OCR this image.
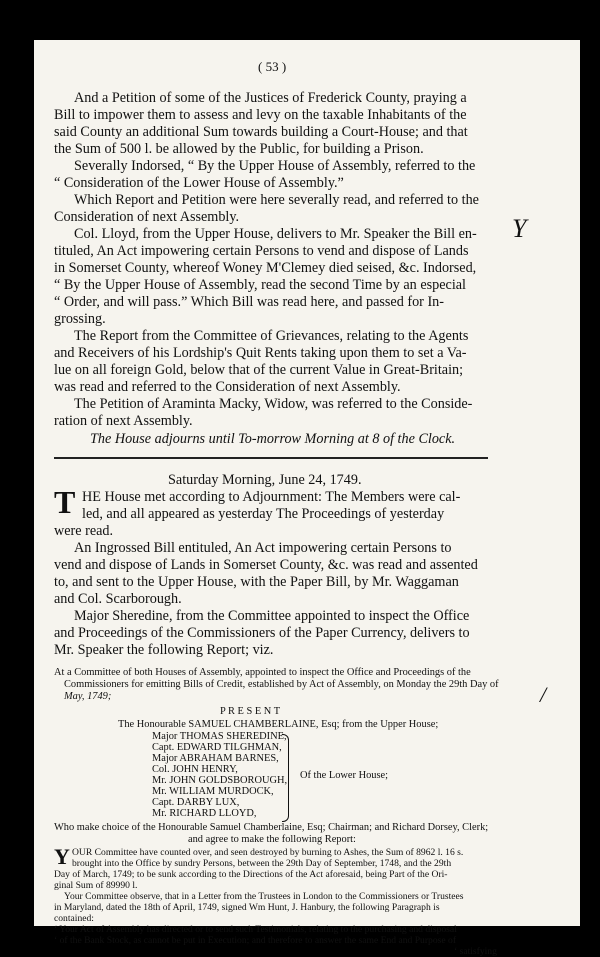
( 53 )
And a Petition of some of the Justices of Frederick County, praying a
Bill to impower them to assess and levy on the taxable Inhabitants of the
said County an additional Sum towards building a Court-House; and that
the Sum of 500 l. be allowed by the Public, for building a Prison.
Severally Indorsed, “ By the Upper House of Assembly, referred to the
“ Consideration of the Lower House of Assembly.”
Which Report and Petition were here severally read, and referred to the
Consideration of next Assembly.
Col. Lloyd, from the Upper House, delivers to Mr. Speaker the Bill en-
tituled, An Act impowering certain Persons to vend and dispose of Lands
in Somerset County, whereof Woney M'Clemey died seised, &c. Indorsed,
“ By the Upper House of Assembly, read the second Time by an especial
“ Order, and will pass.” Which Bill was read here, and passed for In-
grossing.
The Report from the Committee of Grievances, relating to the Agents
and Receivers of his Lordship's Quit Rents taking upon them to set a Va-
lue on all foreign Gold, below that of the current Value in Great-Britain;
was read and referred to the Consideration of next Assembly.
The Petition of Araminta Macky, Widow, was referred to the Conside-
ration of next Assembly.
The House adjourns until To-morrow Morning at 8 of the Clock.
Saturday Morning, June 24, 1749.
T HE House met according to Adjournment: The Members were cal-
led, and all appeared as yesterday The Proceedings of yesterday
were read.
An Ingrossed Bill entituled, An Act impowering certain Persons to
vend and dispose of Lands in Somerset County, &c. was read and assented
to, and sent to the Upper House, with the Paper Bill, by Mr. Waggaman
and Col. Scarborough.
Major Sheredine, from the Committee appointed to inspect the Office
and Proceedings of the Commissioners of the Paper Currency, delivers to
Mr. Speaker the following Report; viz.
At a Committee of both Houses of Assembly, appointed to inspect the Office and Proceedings of the
Commissioners for emitting Bills of Credit, established by Act of Assembly, on Monday the 29th Day of
May, 1749;
P R E S E N T
The Honourable SAMUEL CHAMBERLAINE, Esq; from the Upper House;
Major THOMAS SHEREDINE,
Capt. EDWARD TILGHMAN,
Major ABRAHAM BARNES,
Col. JOHN HENRY,
Mr. JOHN GOLDSBOROUGH,
Mr. WILLIAM MURDOCK,
Capt. DARBY LUX,
Mr. RICHARD LLOYD,
Of the Lower House;
Who make choice of the Honourable Samuel Chamberlaine, Esq; Chairman; and Richard Dorsey, Clerk;
and agree to make the following Report:
Y OUR Committee have counted over, and seen destroyed by burning to Ashes, the Sum of 8962 l. 16 s.
brought into the Office by sundry Persons, between the 29th Day of September, 1748, and the 29th
Day of March, 1749; to be sunk according to the Directions of the Act aforesaid, being Part of the Ori-
ginal Sum of 89990 l.
Your Committee observe, that in a Letter from the Trustees in London to the Commissioners or Trustees
in Maryland, dated the 18th of April, 1749, signed Wm Hunt, J. Hanbury, the following Paragraph is
contained:
‘ Your Act of Assembly has directed or to send such Testimonials, relating to the purchasing and disposal
‘ of the Bank Stock, as cannot be put in Execution; and therefore to answer the same End and Purpose of
‘ satisfying
Y
/
